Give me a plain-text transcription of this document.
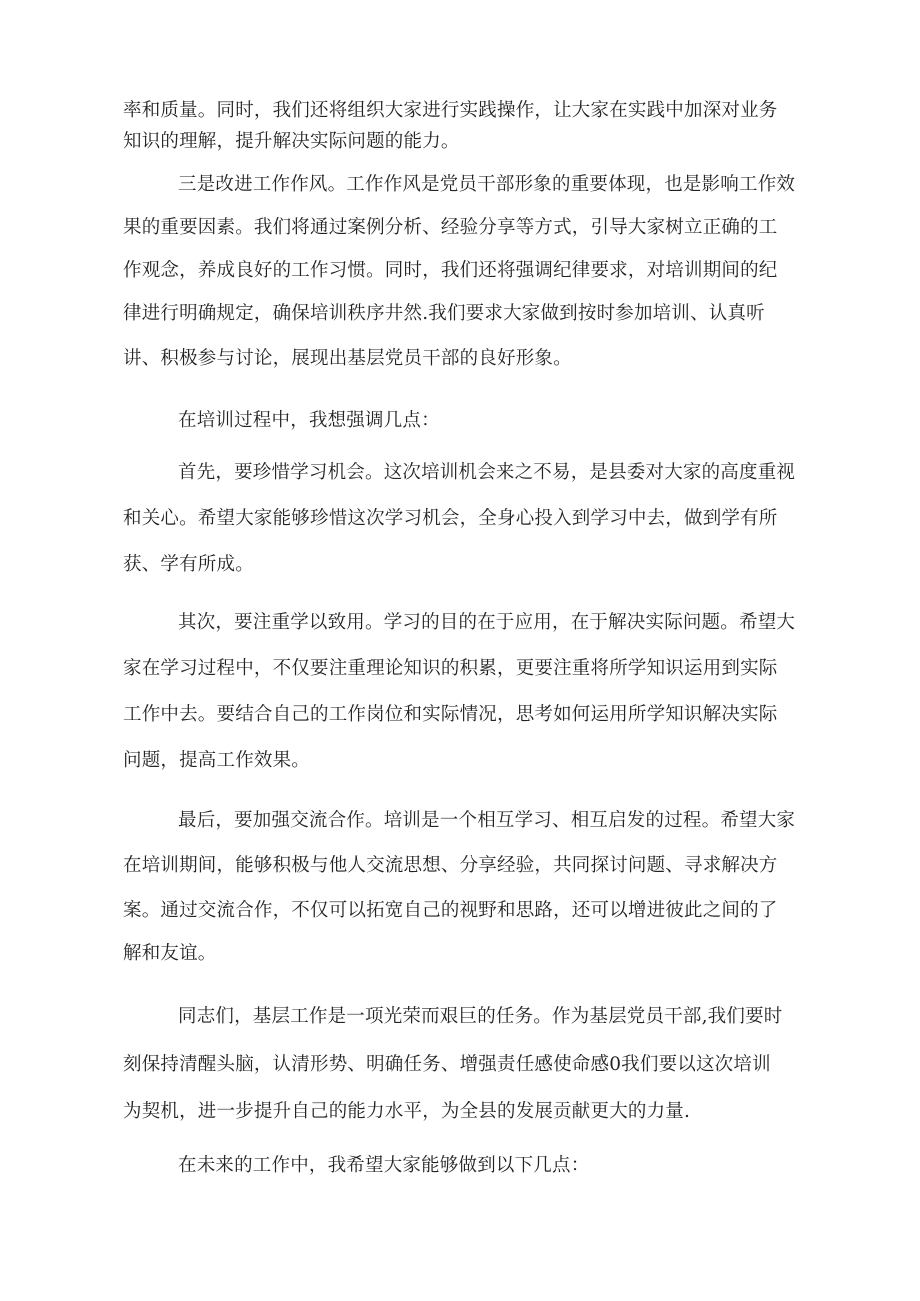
率和质量。同时，我们还将组织大家进行实践操作，让大家在实践中加深对业务

知识的理解，提升解决实际问题的能力。

三是改进工作作风。工作作风是党员干部形象的重要体现，也是影响工作效

果的重要因素。我们将通过案例分析、经验分享等方式，引导大家树立正确的工

作观念，养成良好的工作习惯。同时，我们还将强调纪律要求，对培训期间的纪

律进行明确规定，确保培训秩序井然.我们要求大家做到按时参加培训、认真听

讲、积极参与讨论，展现出基层党员干部的良好形象。

在培训过程中，我想强调几点：

首先，要珍惜学习机会。这次培训机会来之不易，是县委对大家的高度重视

和关心。希望大家能够珍惜这次学习机会，全身心投入到学习中去，做到学有所

获、学有所成。

其次，要注重学以致用。学习的目的在于应用，在于解决实际问题。希望大

家在学习过程中，不仅要注重理论知识的积累，更要注重将所学知识运用到实际

工作中去。要结合自己的工作岗位和实际情况，思考如何运用所学知识解决实际

问题，提高工作效果。

最后，要加强交流合作。培训是一个相互学习、相互启发的过程。希望大家

在培训期间，能够积极与他人交流思想、分享经验，共同探讨问题、寻求解决方

案。通过交流合作，不仅可以拓宽自己的视野和思路，还可以增进彼此之间的了

解和友谊。

同志们，基层工作是一项光荣而艰巨的任务。作为基层党员干部,我们要时

刻保持清醒头脑，认清形势、明确任务、增强责任感使命感0我们要以这次培训

为契机，进一步提升自己的能力水平，为全县的发展贡献更大的力量.

在未来的工作中，我希望大家能够做到以下几点：
